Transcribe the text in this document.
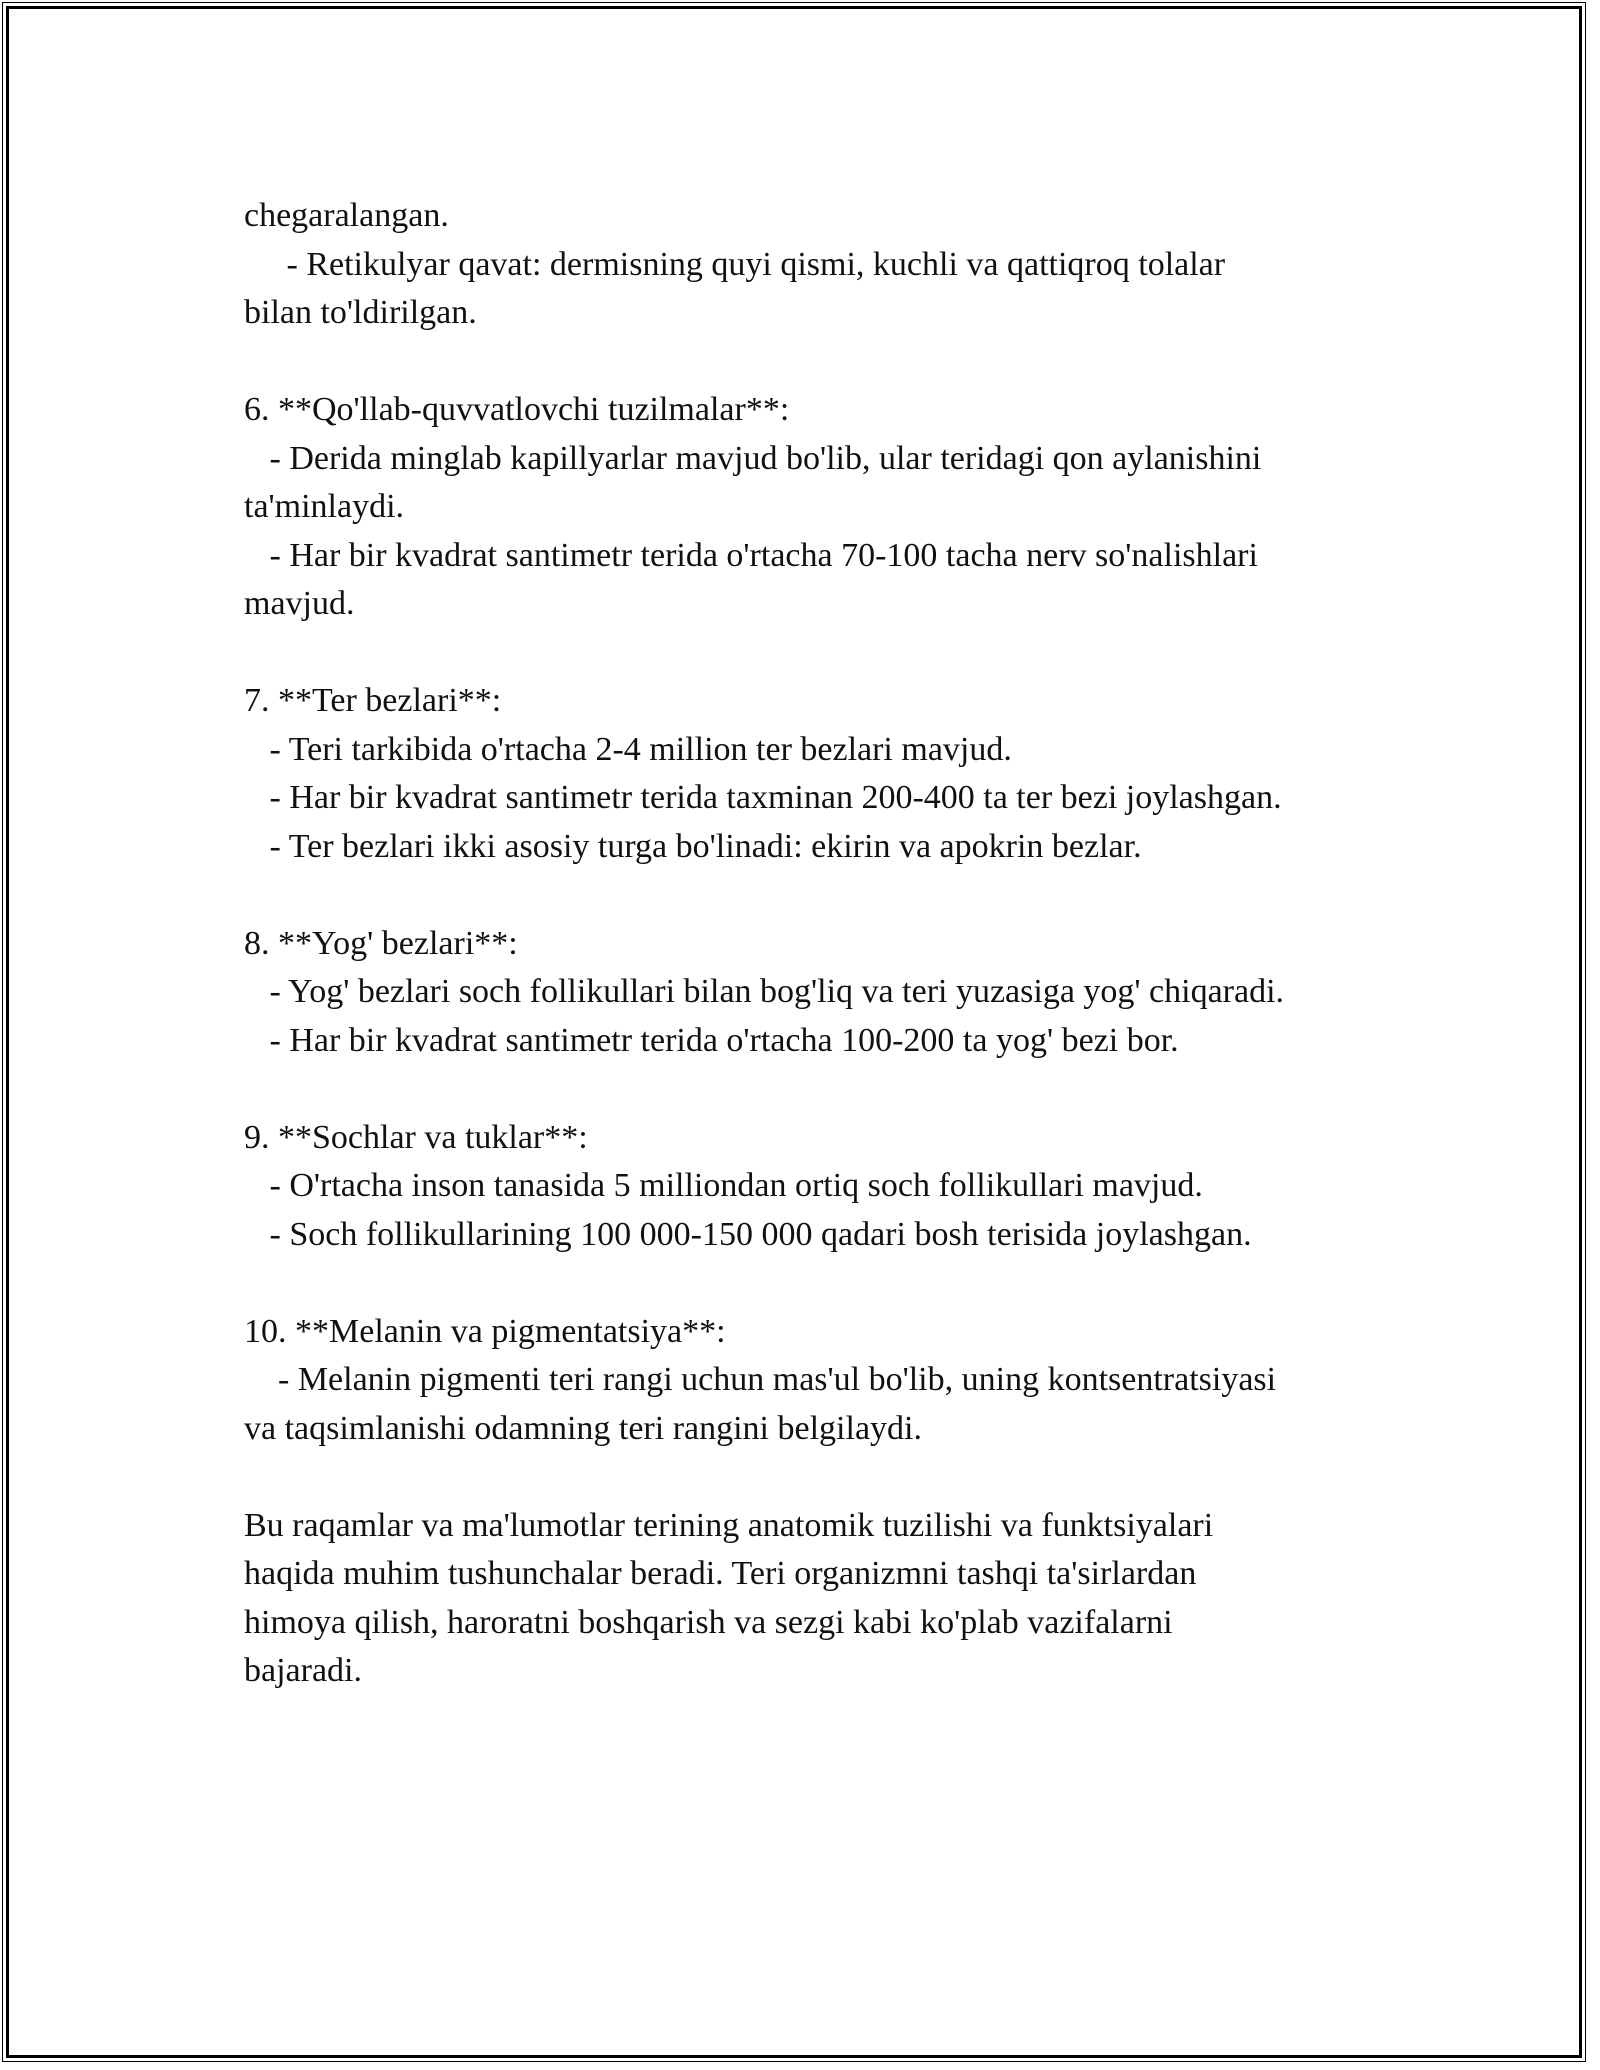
chegaralangan.
- Retikulyar qavat: dermisning quyi qismi, kuchli va qattiqroq tolalar
bilan to'ldirilgan.
6. **Qo'llab-quvvatlovchi tuzilmalar**:
- Derida minglab kapillyarlar mavjud bo'lib, ular teridagi qon aylanishini
ta'minlaydi.
- Har bir kvadrat santimetr terida o'rtacha 70-100 tacha nerv so'nalishlari
mavjud.
7. **Ter bezlari**:
- Teri tarkibida o'rtacha 2-4 million ter bezlari mavjud.
- Har bir kvadrat santimetr terida taxminan 200-400 ta ter bezi joylashgan.
- Ter bezlari ikki asosiy turga bo'linadi: ekirin va apokrin bezlar.
8. **Yog' bezlari**:
- Yog' bezlari soch follikullari bilan bog'liq va teri yuzasiga yog' chiqaradi.
- Har bir kvadrat santimetr terida o'rtacha 100-200 ta yog' bezi bor.
9. **Sochlar va tuklar**:
- O'rtacha inson tanasida 5 milliondan ortiq soch follikullari mavjud.
- Soch follikullarining 100 000-150 000 qadari bosh terisida joylashgan.
10. **Melanin va pigmentatsiya**:
- Melanin pigmenti teri rangi uchun mas'ul bo'lib, uning kontsentratsiyasi
va taqsimlanishi odamning teri rangini belgilaydi.
Bu raqamlar va ma'lumotlar terining anatomik tuzilishi va funktsiyalari
haqida muhim tushunchalar beradi. Teri organizmni tashqi ta'sirlardan
himoya qilish, haroratni boshqarish va sezgi kabi ko'plab vazifalarni
bajaradi.
